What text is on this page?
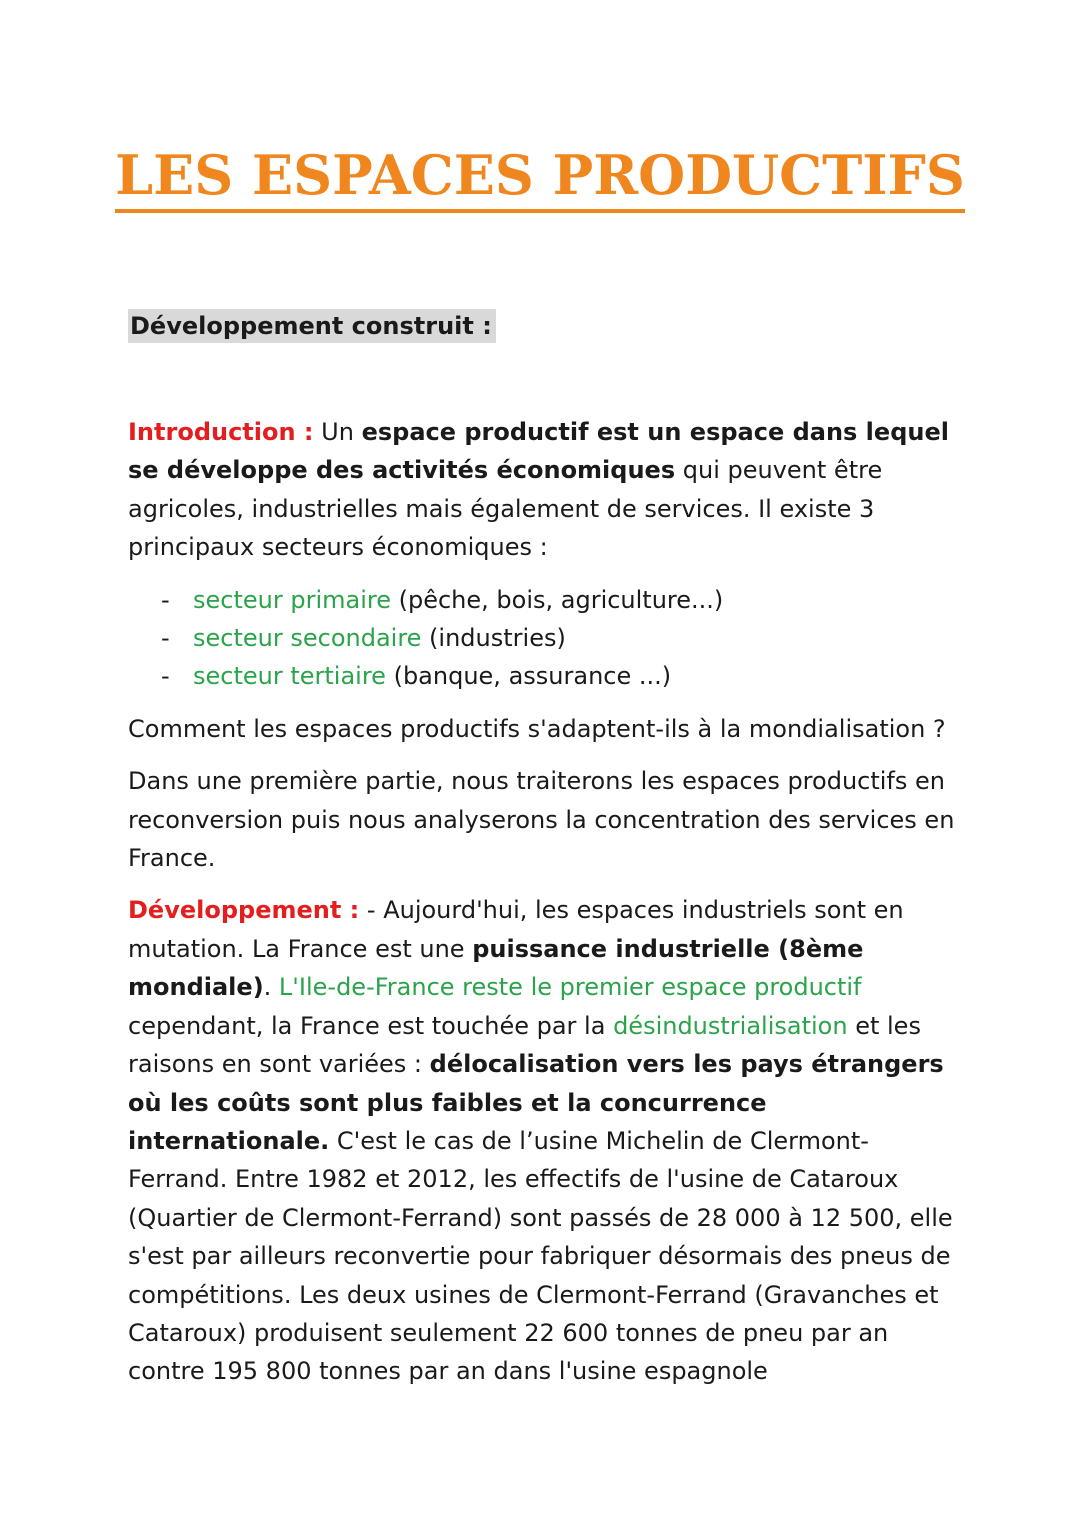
LES ESPACES PRODUCTIFS
Développement construit :

Introduction : Un espace productif est un espace dans lequel se développe des activités économiques qui peuvent être agricoles, industrielles mais également de services. Il existe 3 principaux secteurs économiques :

- secteur primaire (pêche, bois, agriculture...)
- secteur secondaire (industries)
- secteur tertiaire (banque, assurance ...)

Comment les espaces productifs s'adaptent-ils à la mondialisation ?

Dans une première partie, nous traiterons les espaces productifs en reconversion puis nous analyserons la concentration des services en France.

Développement : - Aujourd'hui, les espaces industriels sont en mutation. La France est une puissance industrielle (8ème mondiale). L'Ile-de-France reste le premier espace productif cependant, la France est touchée par la désindustrialisation et les raisons en sont variées : délocalisation vers les pays étrangers où les coûts sont plus faibles et la concurrence internationale. C'est le cas de l’usine Michelin de Clermont-Ferrand. Entre 1982 et 2012, les effectifs de l'usine de Cataroux (Quartier de Clermont-Ferrand) sont passés de 28 000 à 12 500, elle s'est par ailleurs reconvertie pour fabriquer désormais des pneus de compétitions. Les deux usines de Clermont-Ferrand (Gravanches et Cataroux) produisent seulement 22 600 tonnes de pneu par an contre 195 800 tonnes par an dans l'usine espagnole
